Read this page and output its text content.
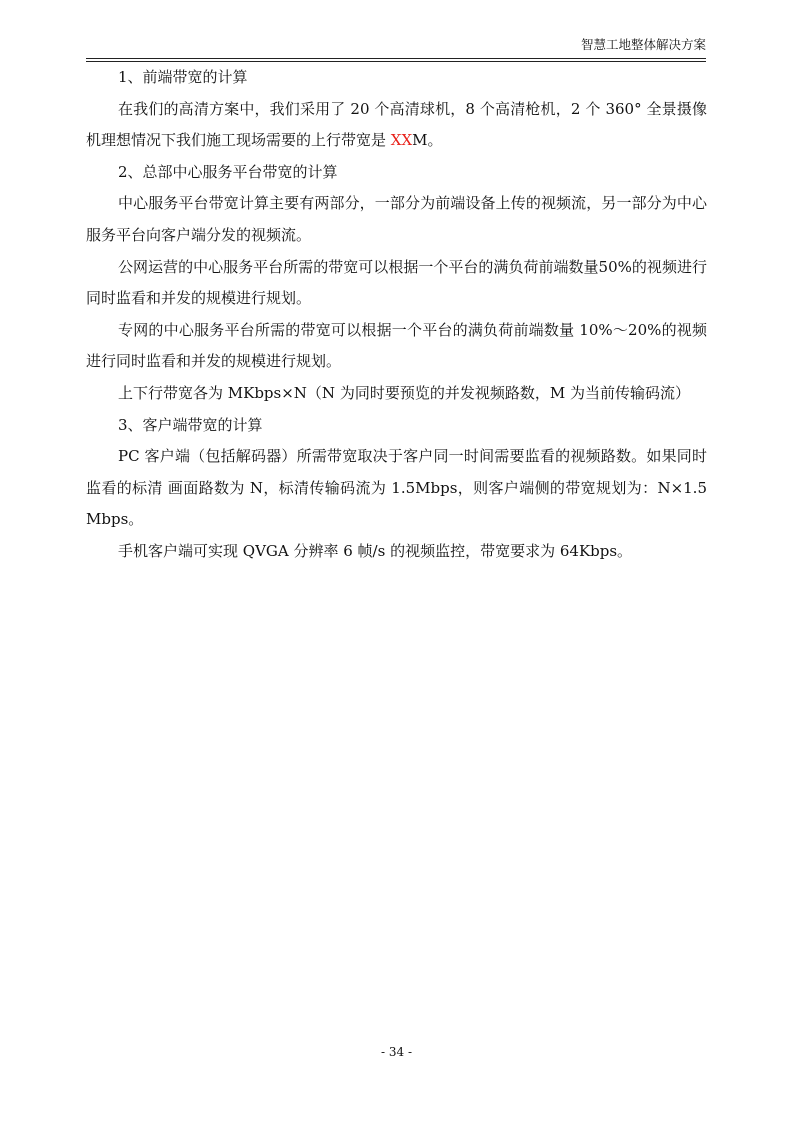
智慧工地整体解决方案

1、前端带宽的计算

在我们的高清方案中，我们采用了 20 个高清球机，8 个高清枪机，2 个 360° 全景摄像机理想情况下我们施工现场需要的上行带宽是 XXM。

2、总部中心服务平台带宽的计算

中心服务平台带宽计算主要有两部分，一部分为前端设备上传的视频流，另一部分为中心服务平台向客户端分发的视频流。

公网运营的中心服务平台所需的带宽可以根据一个平台的满负荷前端数量50%的视频进行同时监看和并发的规模进行规划。

专网的中心服务平台所需的带宽可以根据一个平台的满负荷前端数量 10%～20%的视频进行同时监看和并发的规模进行规划。

上下行带宽各为 MKbps×N（N 为同时要预览的并发视频路数，M 为当前传输码流）

3、客户端带宽的计算

PC 客户端（包括解码器）所需带宽取决于客户同一时间需要监看的视频路数。如果同时监看的标清 画面路数为 N，标清传输码流为 1.5Mbps，则客户端侧的带宽规划为：N×1.5Mbps。

手机客户端可实现 QVGA 分辨率 6 帧/s 的视频监控，带宽要求为 64Kbps。

- 34 -
